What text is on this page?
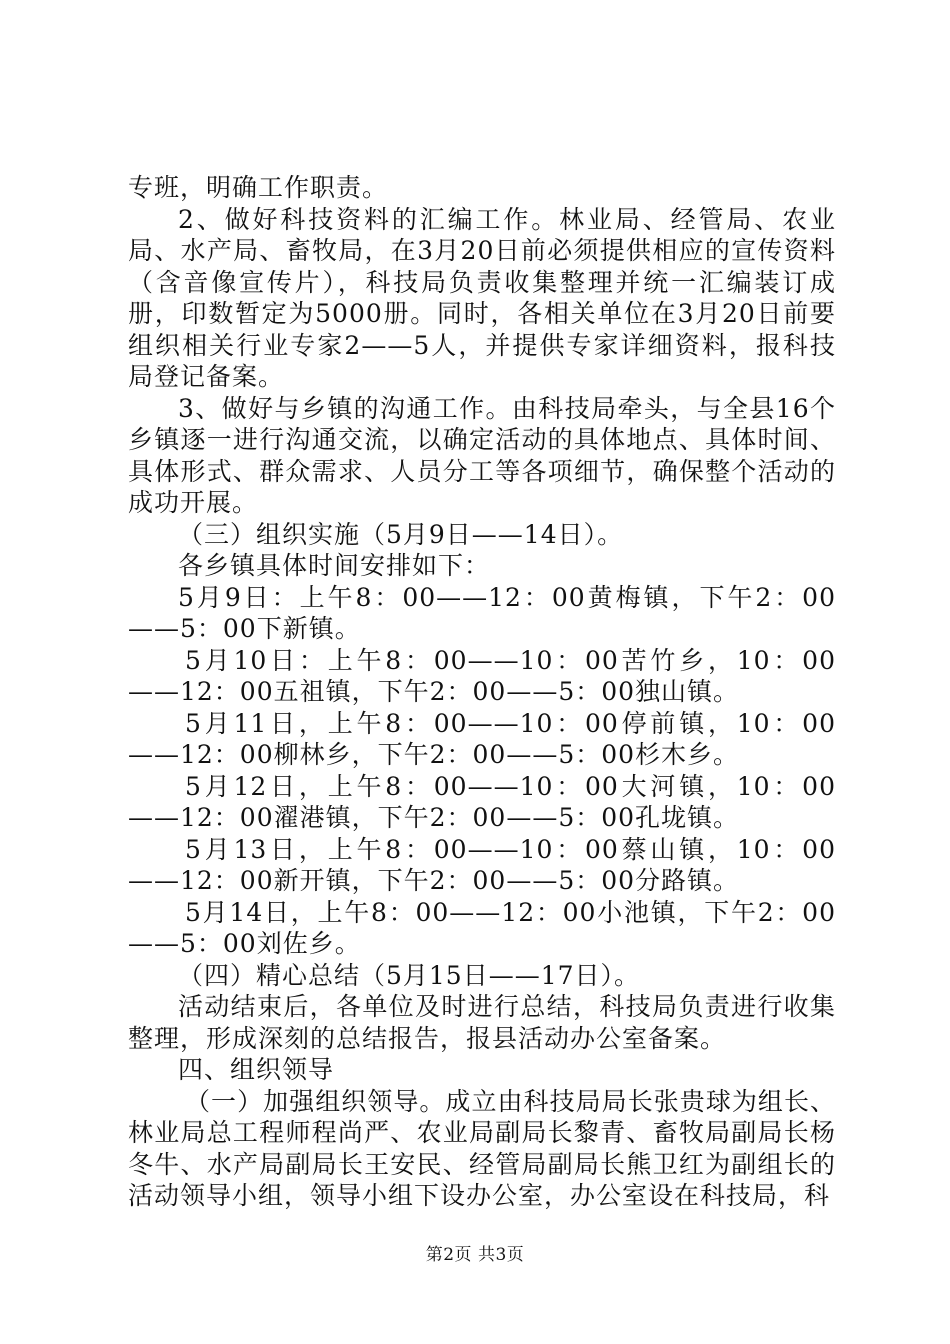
专班，明确工作职责。

2、做好科技资料的汇编工作。林业局、经管局、农业局、水产局、畜牧局，在3月20日前必须提供相应的宣传资料（含音像宣传片），科技局负责收集整理并统一汇编装订成册，印数暂定为5000册。同时，各相关单位在3月20日前要组织相关行业专家2——5人，并提供专家详细资料，报科技局登记备案。

3、做好与乡镇的沟通工作。由科技局牵头，与全县16个乡镇逐一进行沟通交流，以确定活动的具体地点、具体时间、具体形式、群众需求、人员分工等各项细节，确保整个活动的成功开展。

（三）组织实施（5月9日——14日）。

各乡镇具体时间安排如下：

5月9日：上午8：00——12：00黄梅镇，下午2：00——5：00下新镇。

5月10日：上午8：00——10：00苦竹乡，10：00——12：00五祖镇，下午2：00——5：00独山镇。

5月11日，上午8：00——10：00停前镇，10：00——12：00柳林乡，下午2：00——5：00杉木乡。

5月12日，上午8：00——10：00大河镇，10：00——12：00濯港镇，下午2：00——5：00孔垅镇。

5月13日，上午8：00——10：00蔡山镇，10：00——12：00新开镇，下午2：00——5：00分路镇。

5月14日，上午8：00——12：00小池镇，下午2：00——5：00刘佐乡。

（四）精心总结（5月15日——17日）。

活动结束后，各单位及时进行总结，科技局负责进行收集整理，形成深刻的总结报告，报县活动办公室备案。

四、组织领导

（一）加强组织领导。成立由科技局局长张贵球为组长、林业局总工程师程尚严、农业局副局长黎青、畜牧局副局长杨冬牛、水产局副局长王安民、经管局副局长熊卫红为副组长的活动领导小组，领导小组下设办公室，办公室设在科技局，科

第2页 共3页
